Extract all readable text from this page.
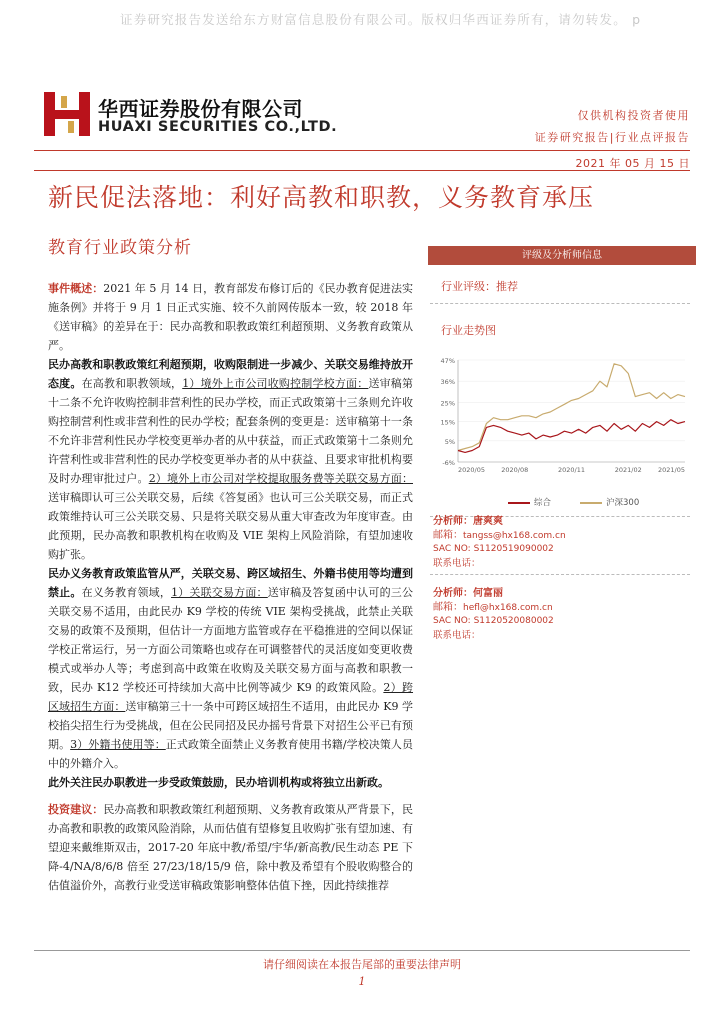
证券研究报告发送给东方财富信息股份有限公司。版权归华西证券所有，请勿转发。 p
华西证券股份有限公司
HUAXI SECURITIES CO.,LTD.
仅供机构投资者使用
证券研究报告|行业点评报告
2021 年 05 月 15 日
新民促法落地：利好高教和职教，义务教育承压
教育行业政策分析

事件概述：2021 年 5 月 14 日，教育部发布修订后的《民办教育促进法实施条例》并将于 9 月 1 日正式实施、较不久前网传版本一致，较 2018 年《送审稿》的差异在于：民办高教和职教政策红利超预期、义务教育政策从严。

民办高教和职教政策红利超预期，收购限制进一步减少、关联交易维持放开态度。在高教和职教领域，1）境外上市公司收购控制学校方面：送审稿第十二条不允许收购控制非营利性的民办学校，而正式政策第十三条则允许收购控制营利性或非营利性的民办学校；配套条例的变更是：送审稿第十一条不允许非营利性民办学校变更举办者的从中获益，而正式政策第十二条则允许营利性或非营利性的民办学校变更举办者的从中获益、且要求审批机构要及时办理审批过户。2）境外上市公司对学校提取服务费等关联交易方面：送审稿即认可三公关联交易，后续《答复函》也认可三公关联交易，而正式政策维持认可三公关联交易、只是将关联交易从重大审查改为年度审查。由此预期，民办高教和职教机构在收购及 VIE 架构上风险消除，有望加速收购扩张。

民办义务教育政策监管从严，关联交易、跨区域招生、外籍书使用等均遭到禁止。在义务教育领域，1）关联交易方面：送审稿及答复函中认可的三公关联交易不适用，由此民办 K9 学校的传统 VIE 架构受挑战，此禁止关联交易的政策不及预期，但估计一方面地方监管或存在平稳推进的空间以保证学校正常运行，另一方面公司策略也或存在可调整替代的灵活度如变更收费模式或举办人等；考虑到高中政策在收购及关联交易方面与高教和职教一致，民办 K12 学校还可持续加大高中比例等减少 K9 的政策风险。2）跨区域招生方面：送审稿第三十一条中可跨区域招生不适用，由此民办 K9 学校掐尖招生行为受挑战，但在公民同招及民办摇号背景下对招生公平已有预期。3）外籍书使用等：正式政策全面禁止义务教育使用书籍/学校决策人员中的外籍介入。

此外关注民办职教进一步受政策鼓励，民办培训机构或将独立出新政。

投资建议：民办高教和职教政策红利超预期、义务教育政策从严背景下，民办高教和职教的政策风险消除，从而估值有望修复且收购扩张有望加速、有望迎来戴维斯双击，2017-20 年底中教/希望/宇华/新高教/民生动态 PE 下降-4/NA/8/6/8 倍至 27/23/18/15/9 倍，除中教及希望有个股收购整合的估值溢价外，高教行业受送审稿政策影响整体估值下挫，因此持续推荐

评级及分析师信息
行业评级：推荐
行业走势图
47%
36%
25%
15%
5%
-6%
2020/05 2020/08	2020/11	2021/02 2021/05
综合	沪深300
分析师：唐爽爽
邮箱：tangss@hx168.com.cn
SAC NO: S1120519090002
联系电话：
分析师：何富丽
邮箱：hefl@hx168.com.cn
SAC NO: S1120520080002
联系电话：
请仔细阅读在本报告尾部的重要法律声明
1
